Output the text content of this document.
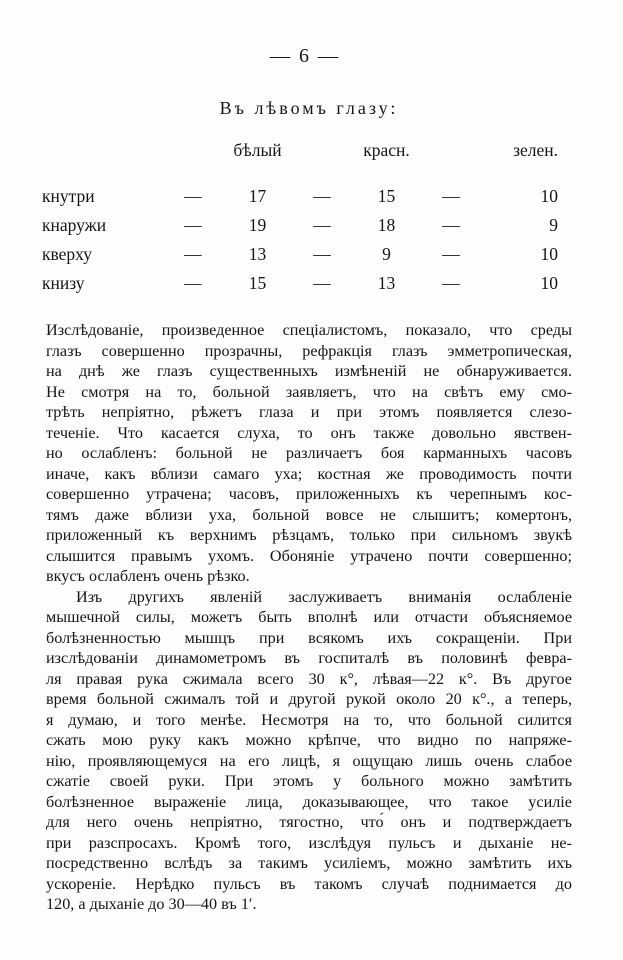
— 6 —
Въ лѣвомъ глазу:
		бѣлый		красн.		зелен.
кнутри	—	17	—	15	—	10
кнаружи	—	19	—	18	—	9
кверху	—	13	—	9	—	10
книзу	—	15	—	13	—	10
Изслѣдованіе, произведенное спеціалистомъ, показало, что среды
глазъ совершенно прозрачны, рефракція глазъ эмметропическая,
на днѣ же глазъ существенныхъ измѣненій не обнаруживается.
Не смотря на то, больной заявляетъ, что на свѣтъ ему смо-
трѣть непріятно, рѣжетъ глаза и при этомъ появляется слезо-
теченіе. Что касается слуха, то онъ также довольно явствен-
но ослабленъ: больной не различаетъ боя карманныхъ часовъ
иначе, какъ вблизи самаго уха; костная же проводимость почти
совершенно утрачена; часовъ, приложенныхъ къ черепнымъ кос-
тямъ даже вблизи уха, больной вовсе не слышитъ; комертонъ,
приложенный къ верхнимъ рѣзцамъ, только при сильномъ звукѣ
слышится правымъ ухомъ. Обоняніе утрачено почти совершенно;
вкусъ ослабленъ очень рѣзко.
Изъ другихъ явленій заслуживаетъ вниманія ослабленіе
мышечной силы, можетъ быть вполнѣ или отчасти объясняемое
болѣзненностью мышцъ при всякомъ ихъ сокращеніи. При
изслѣдованіи динамометромъ въ госпиталѣ въ половинѣ февра-
ля правая рука сжимала всего 30 к°, лѣвая—22 к°. Въ другое
время больной сжималъ той и другой рукой около 20 к°., а теперь,
я думаю, и того менѣе. Несмотря на то, что больной силится
сжать мою руку какъ можно крѣпче, что видно по напряже-
нію, проявляющемуся на его лицѣ, я ощущаю лишь очень слабое
сжатіе своей руки. При этомъ у больного можно замѣтить
болѣзненное выраженіе лица, доказывающее, что такое усиліе
для него очень непріятно, тягостно, что́ онъ и подтверждаетъ
при разспросахъ. Кромѣ того, изслѣдуя пульсъ и дыханіе не-
посредственно вслѣдъ за такимъ усиліемъ, можно замѣтить ихъ
ускореніе. Нерѣдко пульсъ въ такомъ случаѣ поднимается до
120, а дыханіе до 30—40 въ 1′.
